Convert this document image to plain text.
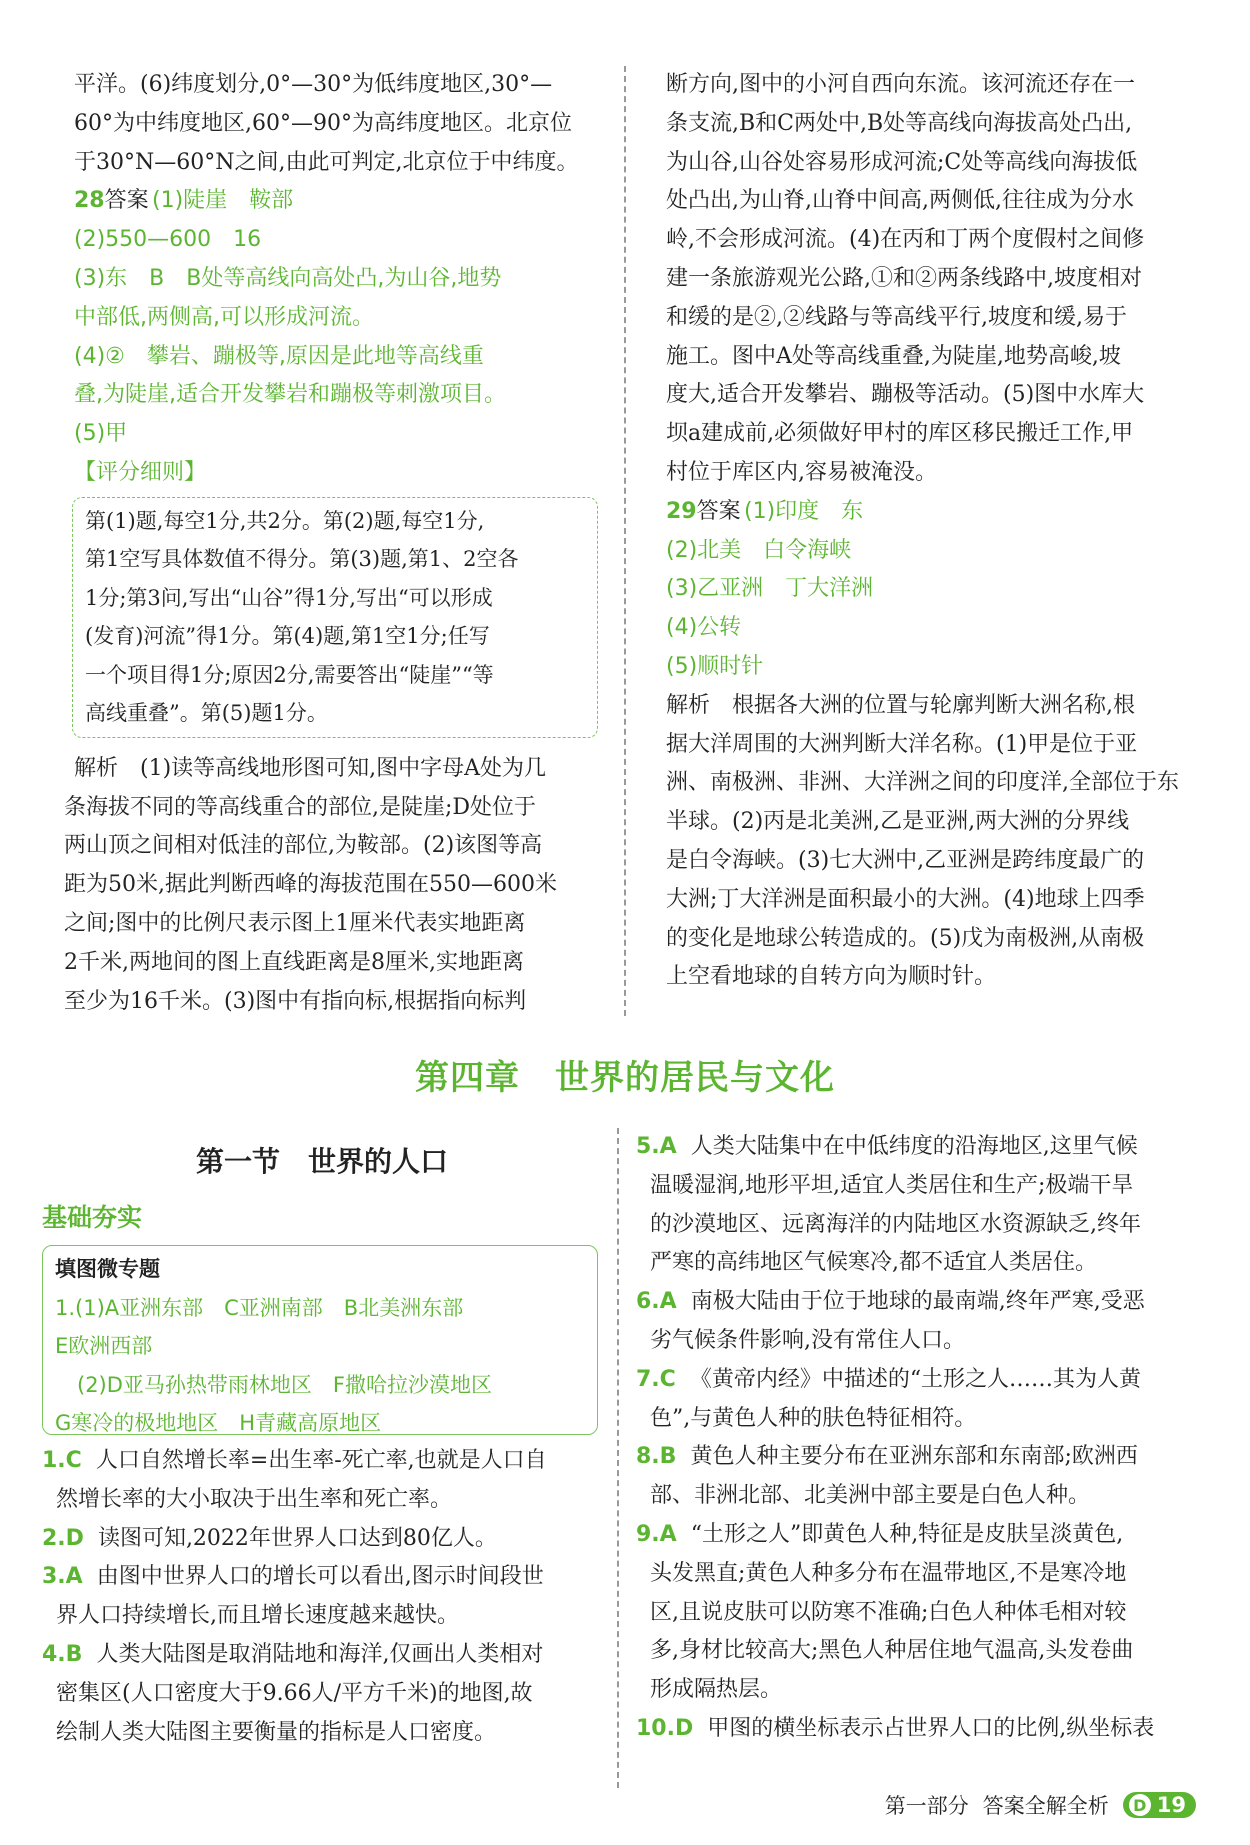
平洋。(6)纬度划分,0°—30°为低纬度地区,30°—
60°为中纬度地区,60°—90°为高纬度地区。北京位
于30°N—60°N之间,由此可判定,北京位于中纬度。
28答案 (1)陡崖　鞍部
(2)550—600　16
(3)东　B　B处等高线向高处凸,为山谷,地势
中部低,两侧高,可以形成河流。
(4)②　攀岩、蹦极等,原因是此地等高线重
叠,为陡崖,适合开发攀岩和蹦极等刺激项目。
(5)甲
【评分细则】
第(1)题,每空1分,共2分。第(2)题,每空1分,
第1空写具体数值不得分。第(3)题,第1、2空各
1分;第3问,写出“山谷”得1分,写出“可以形成
(发育)河流”得1分。第(4)题,第1空1分;任写
一个项目得1分;原因2分,需要答出“陡崖”“等
高线重叠”。第(5)题1分。
解析　(1)读等高线地形图可知,图中字母A处为几
条海拔不同的等高线重合的部位,是陡崖;D处位于
两山顶之间相对低洼的部位,为鞍部。(2)该图等高
距为50米,据此判断西峰的海拔范围在550—600米
之间;图中的比例尺表示图上1厘米代表实地距离
2千米,两地间的图上直线距离是8厘米,实地距离
至少为16千米。(3)图中有指向标,根据指向标判
断方向,图中的小河自西向东流。该河流还存在一
条支流,B和C两处中,B处等高线向海拔高处凸出,
为山谷,山谷处容易形成河流;C处等高线向海拔低
处凸出,为山脊,山脊中间高,两侧低,往往成为分水
岭,不会形成河流。(4)在丙和丁两个度假村之间修
建一条旅游观光公路,①和②两条线路中,坡度相对
和缓的是②,②线路与等高线平行,坡度和缓,易于
施工。图中A处等高线重叠,为陡崖,地势高峻,坡
度大,适合开发攀岩、蹦极等活动。(5)图中水库大
坝a建成前,必须做好甲村的库区移民搬迁工作,甲
村位于库区内,容易被淹没。
29答案 (1)印度　东
(2)北美　白令海峡
(3)乙亚洲　丁大洋洲
(4)公转
(5)顺时针
解析　根据各大洲的位置与轮廓判断大洲名称,根
据大洋周围的大洲判断大洋名称。(1)甲是位于亚
洲、南极洲、非洲、大洋洲之间的印度洋,全部位于东
半球。(2)丙是北美洲,乙是亚洲,两大洲的分界线
是白令海峡。(3)七大洲中,乙亚洲是跨纬度最广的
大洲;丁大洋洲是面积最小的大洲。(4)地球上四季
的变化是地球公转造成的。(5)戊为南极洲,从南极
上空看地球的自转方向为顺时针。
第四章　世界的居民与文化
第一节　世界的人口
基础夯实
填图微专题
1.(1)A亚洲东部　C亚洲南部　B北美洲东部
E欧洲西部
(2)D亚马孙热带雨林地区　F撒哈拉沙漠地区
G寒冷的极地地区　H青藏高原地区
1.C 人口自然增长率=出生率-死亡率,也就是人口自
然增长率的大小取决于出生率和死亡率。
2.D 读图可知,2022年世界人口达到80亿人。
3.A 由图中世界人口的增长可以看出,图示时间段世
界人口持续增长,而且增长速度越来越快。
4.B 人类大陆图是取消陆地和海洋,仅画出人类相对
密集区(人口密度大于9.66人/平方千米)的地图,故
绘制人类大陆图主要衡量的指标是人口密度。
5.A 人类大陆集中在中低纬度的沿海地区,这里气候
温暖湿润,地形平坦,适宜人类居住和生产;极端干旱
的沙漠地区、远离海洋的内陆地区水资源缺乏,终年
严寒的高纬地区气候寒冷,都不适宜人类居住。
6.A 南极大陆由于位于地球的最南端,终年严寒,受恶
劣气候条件影响,没有常住人口。
7.C 《黄帝内经》中描述的“土形之人……其为人黄
色”,与黄色人种的肤色特征相符。
8.B 黄色人种主要分布在亚洲东部和东南部;欧洲西
部、非洲北部、北美洲中部主要是白色人种。
9.A “土形之人”即黄色人种,特征是皮肤呈淡黄色,
头发黑直;黄色人种多分布在温带地区,不是寒冷地
区,且说皮肤可以防寒不准确;白色人种体毛相对较
多,身材比较高大;黑色人种居住地气温高,头发卷曲
形成隔热层。
10.D 甲图的横坐标表示占世界人口的比例,纵坐标表
第一部分 答案全解全析 D 19
